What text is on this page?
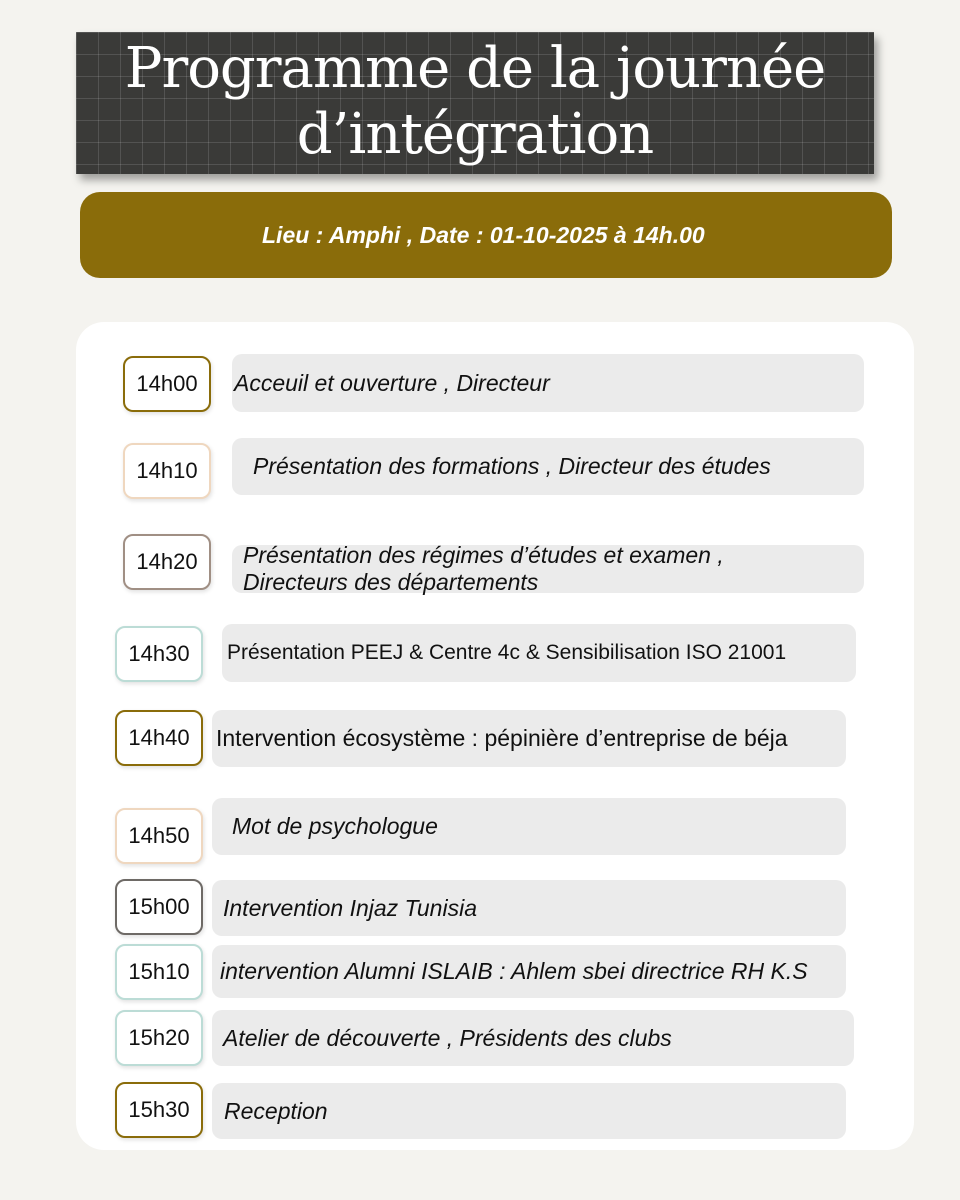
Programme de la journée
d’intégration
Lieu : Amphi , Date : 01-10-2025 à 14h.00
14h00 Acceuil et ouverture , Directeur
14h10 Présentation des formations , Directeur des études
14h20 Présentation des régimes d’études et examen ,
Directeurs des départements
14h30 Présentation PEEJ & Centre 4c & Sensibilisation ISO 21001
14h40 Intervention écosystème : pépinière d’entreprise de béja
14h50 Mot de psychologue
15h00 Intervention Injaz Tunisia
15h10 intervention Alumni ISLAIB : Ahlem sbei directrice RH K.S
15h20 Atelier de découverte , Présidents des clubs
15h30 Reception
